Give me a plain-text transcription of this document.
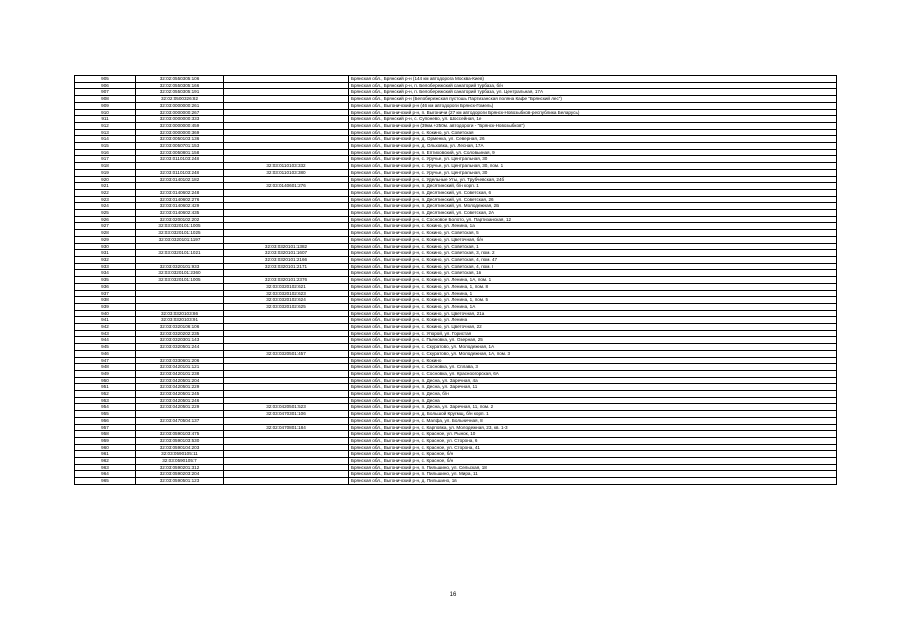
905	32:02:0550305:106		Брянская обл., Брянский р-н (144 км автодорога Москва-Киев)
906	32:02:0550305:166		Брянская обл., Брянский р-н, п. Белобережский санаторий турбаза, б/н
907	32:02:0550305:191		Брянская обл., Брянский р-н, п. Белобережский санаторий турбаза, ул. Центральная, 17А
908	32:02:0500326:82		Брянская обл., Брянский р-н (Белобережская пустошь Партизанская поляна Кафе "Брянский лес")
909	32:03:0000000:261		Брянская обл., Выгоничский р-н (46 км автодороги Брянск-Гомель)
910	32:03:0000000:267		Брянская обл., Выгоничский р-н, п. Выгоничи (27 км автодороги Брянск-Новозыбков-республика Беларусь)
911	32:03:0000000:333		Брянская обл., Брянский р-н, с. Супонево, ул. Шоссейная, 1е
912	32:03:0000000:459		Брянская обл., Выгоничский р-н (39км.+250м. автодороги - "Брянск-Новозыбков")
913	32:03:0000000:369		Брянская обл., Выгоничский р-н, с. Кокино, ул. Советская
914	32:03:0050103:136		Брянская обл., Выгоничский р-н, д. Орменка, ул. Северная, 26
915	32:03:0050701:153		Брянская обл., Выгоничский р-н, д. Ольховка, ул. Лесная, 17А
916	32:03:0050801:158		Брянская обл., Выгоничский р-н, п. Ептиховский, ул. Соловьиная, 9
917	32:03:0110103:248		Брянская обл., Выгоничский р-н, с. Уручье, ул. Центральная, 30
918		32:03:0110103:332	Брянская обл., Выгоничский р-н, с. Уручье, ул. Центральная, 30, пом. 1
919	32:03:0110103:248	32:03:0110103:380	Брянская обл., Выгоничский р-н, с. Уручье, ул. Центральная, 30
920	32:03:0140102:182		Брянская обл., Выгоничский р-н, с. Удельные Уты, ул. Трубчевская, 24б
921		32:03:0140601:276	Брянская обл., Выгоничский р-н, п. Десятинский, б/н корп. 1
922	32:03:0140602:248		Брянская обл., Выгоничский р-н, п. Десятинский, ул. Советская, 6
923	32:03:0140602:276		Брянская обл., Выгоничский р-н, п. Десятинский, ул. Советская, 26
924	32:03:0140602:429		Брянская обл., Выгоничский р-н, п. Десятинский, ул. Молодежная, 2Б
925	32:03:0140602:435		Брянская обл., Выгоничский р-н, п. Десятинский, ул. Советская, 2А
926	32:03:0200102:202		Брянская обл., Выгоничский р-н, с. Сосновое Болото, ул. Партизанская, 12
927	32:03:0320101:1005		Брянская обл., Выгоничский р-н, с. Кокино, ул. Ленина, 1а
928	32:03:0320101:1025		Брянская обл., Выгоничский р-н, с. Кокино, ул. Советская, 5
929	32:03:0320101:1197		Брянская обл., Выгоничский р-н, с. Кокино, ул. Цветочная, б/н
930		32:03:0320101:1382	Брянская обл., Выгоничский р-н, с. Кокино, ул. Советская, 1
931	32:03:0320101:1021	32:03:0320101:1607	Брянская обл., Выгоничский р-н, с. Кокино, ул. Советская, 3, пом. 2
932		32:03:0320101:2166	Брянская обл., Выгоничский р-н, с. Кокино, ул. Советская, 4, пом. 47
933	32:03:0320101:933	32:03:0320101:2171	Брянская обл., Выгоничский р-н, с. Кокино, ул. Советская, 4, пом. I
934	32:03:0320101:2360		Брянская обл., Выгоничский р-н, с. Кокино, ул. Советская, 1в
935	32:03:0320101:1005	32:03:0320101:2376	Брянская обл., Выгоничский р-н, с. Кокино, ул. Ленина, 1А, пом. 1
936		32:03:0320102:621	Брянская обл., Выгоничский р-н, с. Кокино, ул. Ленина, 1, пом. 8
937		32:03:0320102:623	Брянская обл., Выгоничский р-н, с. Кокино, ул. Ленина, 1
938		32:03:0320102:624	Брянская обл., Выгоничский р-н, с. Кокино, ул. Ленина, 1, пом. 5
939		32:03:0320102:625	Брянская обл., Выгоничский р-н, с. Кокино, ул. Ленина, 1А
940	32:03:0320103:86		Брянская обл., Выгоничский р-н, с. Кокино, ул. Цветочная, 21а
941	32:03:0320103:91		Брянская обл., Выгоничский р-н, с. Кокино, ул. Ленина
942	32:03:0320106:106		Брянская обл., Выгоничский р-н, с. Кокино, ул. Цветочная, 22
943	32:03:0320202:235		Брянская обл., Выгоничский р-н, с. Упорой, ул. Гористая
944	32:03:0320301:143		Брянская обл., Выгоничский р-н, с. Пьяновка, ул. Озерная, 25
945	32:03:0320501:244		Брянская обл., Выгоничский р-н, с. Скуратово, ул. Молодежная, 1А
946		32:03:0320501:457	Брянская обл., Выгоничский р-н, с. Скуратово, ул. Молодежная, 1А, пом. 3
947	32:03:0330601:206		Брянская обл., Выгоничский р-н, с. Кокино
948	32:03:0420101:121		Брянская обл., Выгоничский р-н, с. Сосновка, ул. Сплава, 3
949	32:03:0420101:238		Брянская обл., Выгоничский р-н, с. Сосновка, ул. Красноогорская, 6А
950	32:03:0420501:204		Брянская обл., Выгоничский р-н, п. Десна, ул. Заречная, 4а
951	32:03:0420501:229		Брянская обл., Выгоничский р-н, п. Десна, ул. Заречная, 11
952	32:03:0420501:245		Брянская обл., Выгоничский р-н, п. Десна, б/н
953	32:03:0420501:246		Брянская обл., Выгоничский р-н, п. Десна
954	32:03:0420501:229	32:03:0420501:523	Брянская обл., Выгоничский р-н, п. Десна, ул. Заречная, 11, пом. 2
955		32:03:0470301:106	Брянская обл., Выгоничский р-н, д. Большой Кругмщ, б/н корп. 1
956	32:03:0470504:137		Брянская обл., Выгоничский р-н, с. Малфа, ул. Больничная, 8
957		32:02:0470801:184	Брянская обл., Выгоничский р-н, с. Карповка, ул. Молодежная, 23, кв. 1-3
958	32:03:0590103:475		Брянская обл., Выгоничский р-н, с. Красное, ул. Рынок, 10
959	32:03:0590103:530		Брянская обл., Выгоничский р-н, с. Красное, ул. Сторона, 6
960	32:03:0590104:203		Брянская обл., Выгоничский р-н, с. Красное, ул. Сторона, 41
961	32:03:0590105:11		Брянская обл., Выгоничский р-н, с. Красное, б/н
962	32:03:0590105:7		Брянская обл., Выгоничский р-н, с. Красное, б/н
963	32:03:0590201:312		Брянская обл., Выгоничский р-н, п. Пильшино, ул. Сельская, 18
964	32:03:0590203:204		Брянская обл., Выгоничский р-н, п. Пильшино, ул. Мира, 11
965	32:03:0590501:123		Брянская обл., Выгоничский р-н, д. Пильшино, 1в
16
